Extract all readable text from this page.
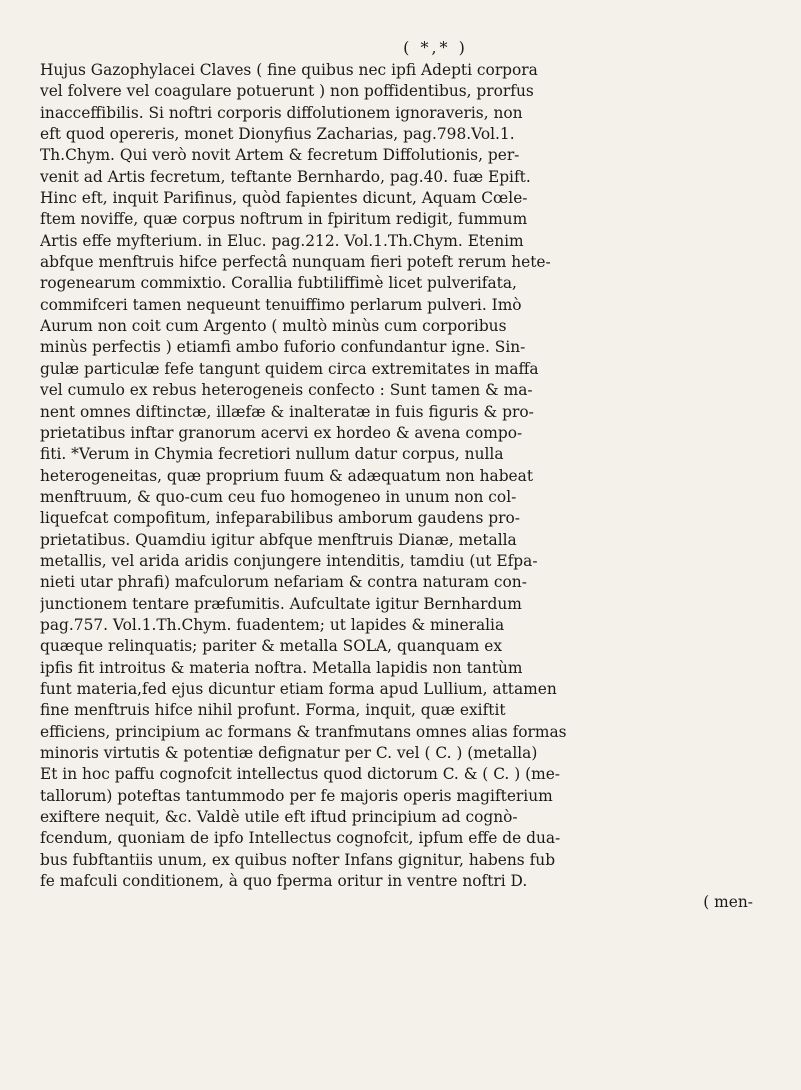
( *,* )
Hujus Gazophylacei Claves ( fine quibus nec ipfi Adepti corpora
vel folvere vel coagulare potuerunt ) non poffidentibus, prorfus
inacceffibilis. Si noftri corporis diffolutionem ignoraveris, non
eft quod opereris, monet Dionyfius Zacharias, pag.798.Vol.1.
Th.Chym. Qui verò novit Artem & fecretum Diffolutionis, per-
venit ad Artis fecretum, teftante Bernhardo, pag.40. fuæ Epift.
Hinc eft, inquit Parifinus, quòd fapientes dicunt, Aquam Cœle-
ftem noviffe, quæ corpus noftrum in fpiritum redigit, fummum
Artis effe myfterium. in Eluc. pag.212. Vol.1.Th.Chym. Etenim
abfque menftruis hifce perfectâ nunquam fieri poteft rerum hete-
rogenearum commixtio. Corallia fubtiliffimè licet pulverifata,
commifceri tamen nequeunt tenuiffimo perlarum pulveri. Imò
Aurum non coit cum Argento ( multò minùs cum corporibus
minùs perfectis ) etiamfi ambo fuforio confundantur igne. Sin-
gulæ particulæ fefe tangunt quidem circa extremitates in maffa
vel cumulo ex rebus heterogeneis confecto : Sunt tamen & ma-
nent omnes diftinctæ, illæfæ & inalteratæ in fuis figuris & pro-
prietatibus inftar granorum acervi ex hordeo & avena compo-
fiti. *Verum in Chymia fecretiori nullum datur corpus, nulla
heterogeneitas, quæ proprium fuum & adæquatum non habeat
menftruum, & quo-cum ceu fuo homogeneo in unum non col-
liquefcat compofitum, infeparabilibus amborum gaudens pro-
prietatibus. Quamdiu igitur abfque menftruis Dianæ, metalla
metallis, vel arida aridis conjungere intenditis, tamdiu (ut Efpa-
nieti utar phrafi) mafculorum nefariam & contra naturam con-
junctionem tentare præfumitis. Aufcultate igitur Bernhardum
pag.757. Vol.1.Th.Chym. fuadentem; ut lapides & mineralia
quæque relinquatis; pariter & metalla SOLA, quanquam ex
ipfis fit introitus & materia noftra. Metalla lapidis non tantùm
funt materia,fed ejus dicuntur etiam forma apud Lullium, attamen
fine menftruis hifce nihil profunt. Forma, inquit, quæ exiftit
efficiens, principium ac formans & tranfmutans omnes alias formas
minoris virtutis & potentiæ defignatur per C. vel ( C. ) (metalla)
Et in hoc paffu cognofcit intellectus quod dictorum C. & ( C. ) (me-
tallorum) poteftas tantummodo per fe majoris operis magifterium
exiftere nequit, &c. Valdè utile eft iftud principium ad cognò-
fcendum, quoniam de ipfo Intellectus cognofcit, ipfum effe de dua-
bus fubftantiis unum, ex quibus nofter Infans gignitur, habens fub
fe mafculi conditionem, à quo fperma oritur in ventre noftri D.
( men-
